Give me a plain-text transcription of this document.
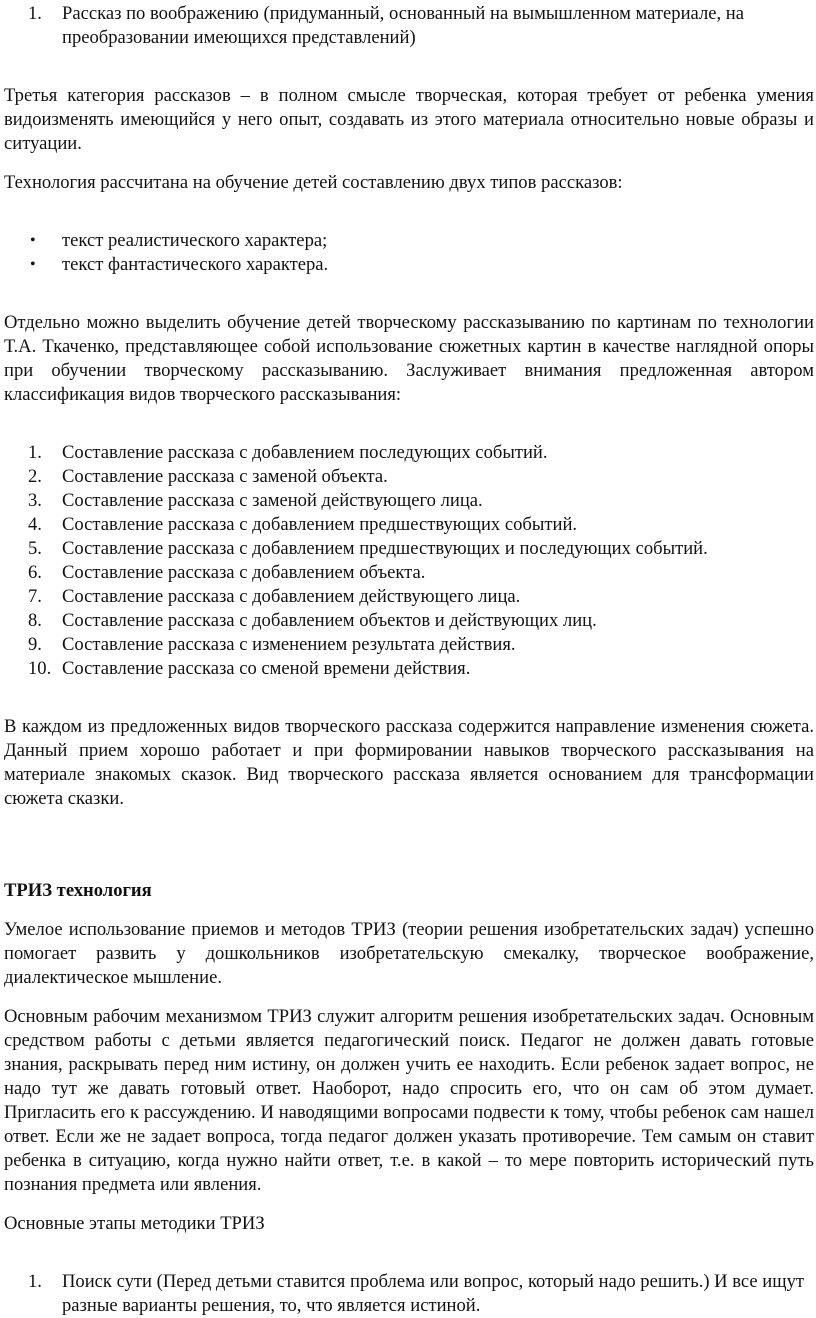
1. Рассказ по воображению (придуманный, основанный на вымышленном материале, на преобразовании имеющихся представлений)

Третья категория рассказов – в полном смысле творческая, которая требует от ребенка умения видоизменять имеющийся у него опыт, создавать из этого материала относительно новые образы и ситуации.

Технология рассчитана на обучение детей составлению двух типов рассказов:

• текст реалистического характера;
• текст фантастического характера.

Отдельно можно выделить обучение детей творческому рассказыванию по картинам по технологии Т.А. Ткаченко, представляющее собой использование сюжетных картин в качестве наглядной опоры при обучении творческому рассказыванию. Заслуживает внимания предложенная автором классификация видов творческого рассказывания:

1. Составление рассказа с добавлением последующих событий.
2. Составление рассказа с заменой объекта.
3. Составление рассказа с заменой действующего лица.
4. Составление рассказа с добавлением предшествующих событий.
5. Составление рассказа с добавлением предшествующих и последующих событий.
6. Составление рассказа с добавлением объекта.
7. Составление рассказа с добавлением действующего лица.
8. Составление рассказа с добавлением объектов и действующих лиц.
9. Составление рассказа с изменением результата действия.
10. Составление рассказа со сменой времени действия.

В каждом из предложенных видов творческого рассказа содержится направление изменения сюжета. Данный прием хорошо работает и при формировании навыков творческого рассказывания на материале знакомых сказок. Вид творческого рассказа является основанием для трансформации сюжета сказки.

ТРИЗ технология

Умелое использование приемов и методов ТРИЗ (теории решения изобретательских задач) успешно помогает развить у дошкольников изобретательскую смекалку, творческое воображение, диалектическое мышление.

Основным рабочим механизмом ТРИЗ служит алгоритм решения изобретательских задач. Основным средством работы с детьми является педагогический поиск. Педагог не должен давать готовые знания, раскрывать перед ним истину, он должен учить ее находить. Если ребенок задает вопрос, не надо тут же давать готовый ответ. Наоборот, надо спросить его, что он сам об этом думает. Пригласить его к рассуждению. И наводящими вопросами подвести к тому, чтобы ребенок сам нашел ответ. Если же не задает вопроса, тогда педагог должен указать противоречие. Тем самым он ставит ребенка в ситуацию, когда нужно найти ответ, т.е. в какой – то мере повторить исторический путь познания предмета или явления.

Основные этапы методики ТРИЗ

1. Поиск сути (Перед детьми ставится проблема или вопрос, который надо решить.) И все ищут разные варианты решения, то, что является истиной.
